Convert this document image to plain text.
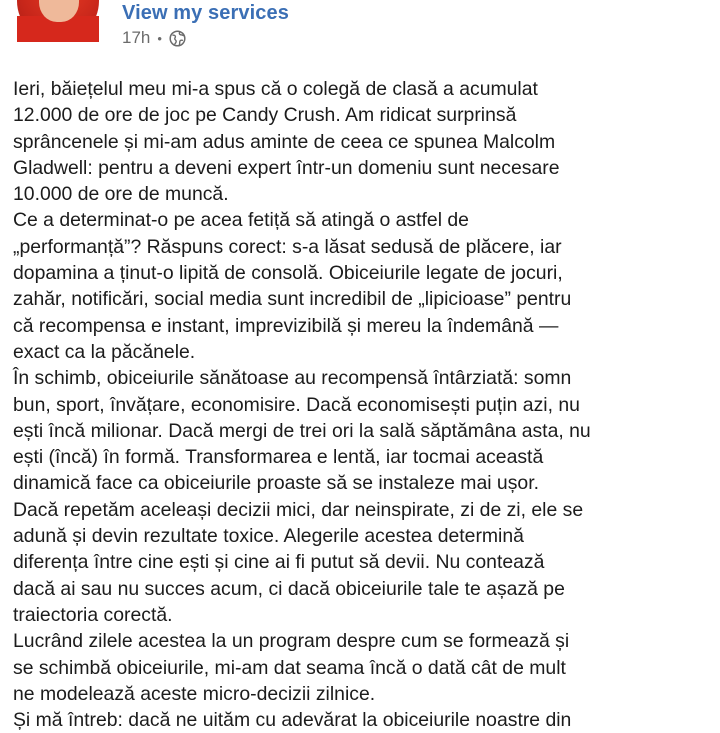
View my services
17h •
Ieri, băiețelul meu mi-a spus că o colegă de clasă a acumulat
12.000 de ore de joc pe Candy Crush. Am ridicat surprinsă
sprâncenele și mi-am adus aminte de ceea ce spunea Malcolm
Gladwell: pentru a deveni expert într-un domeniu sunt necesare
10.000 de ore de muncă.
Ce a determinat-o pe acea fetiță să atingă o astfel de
„performanță”? Răspuns corect: s-a lăsat sedusă de plăcere, iar
dopamina a ținut-o lipită de consolă. Obiceiurile legate de jocuri,
zahăr, notificări, social media sunt incredibil de „lipicioase” pentru
că recompensa e instant, imprevizibilă și mereu la îndemână —
exact ca la păcănele.
În schimb, obiceiurile sănătoase au recompensă întârziată: somn
bun, sport, învățare, economisire. Dacă economisești puțin azi, nu
ești încă milionar. Dacă mergi de trei ori la sală săptămâna asta, nu
ești (încă) în formă. Transformarea e lentă, iar tocmai această
dinamică face ca obiceiurile proaste să se instaleze mai ușor.
Dacă repetăm aceleași decizii mici, dar neinspirate, zi de zi, ele se
adună și devin rezultate toxice. Alegerile acestea determină
diferența între cine ești și cine ai fi putut să devii. Nu contează
dacă ai sau nu succes acum, ci dacă obiceiurile tale te așază pe
traiectoria corectă.
Lucrând zilele acestea la un program despre cum se formează și
se schimbă obiceiurile, mi-am dat seama încă o dată cât de mult
ne modelează aceste micro-decizii zilnice.
Și mă întreb: dacă ne uităm cu adevărat la obiceiurile noastre din
